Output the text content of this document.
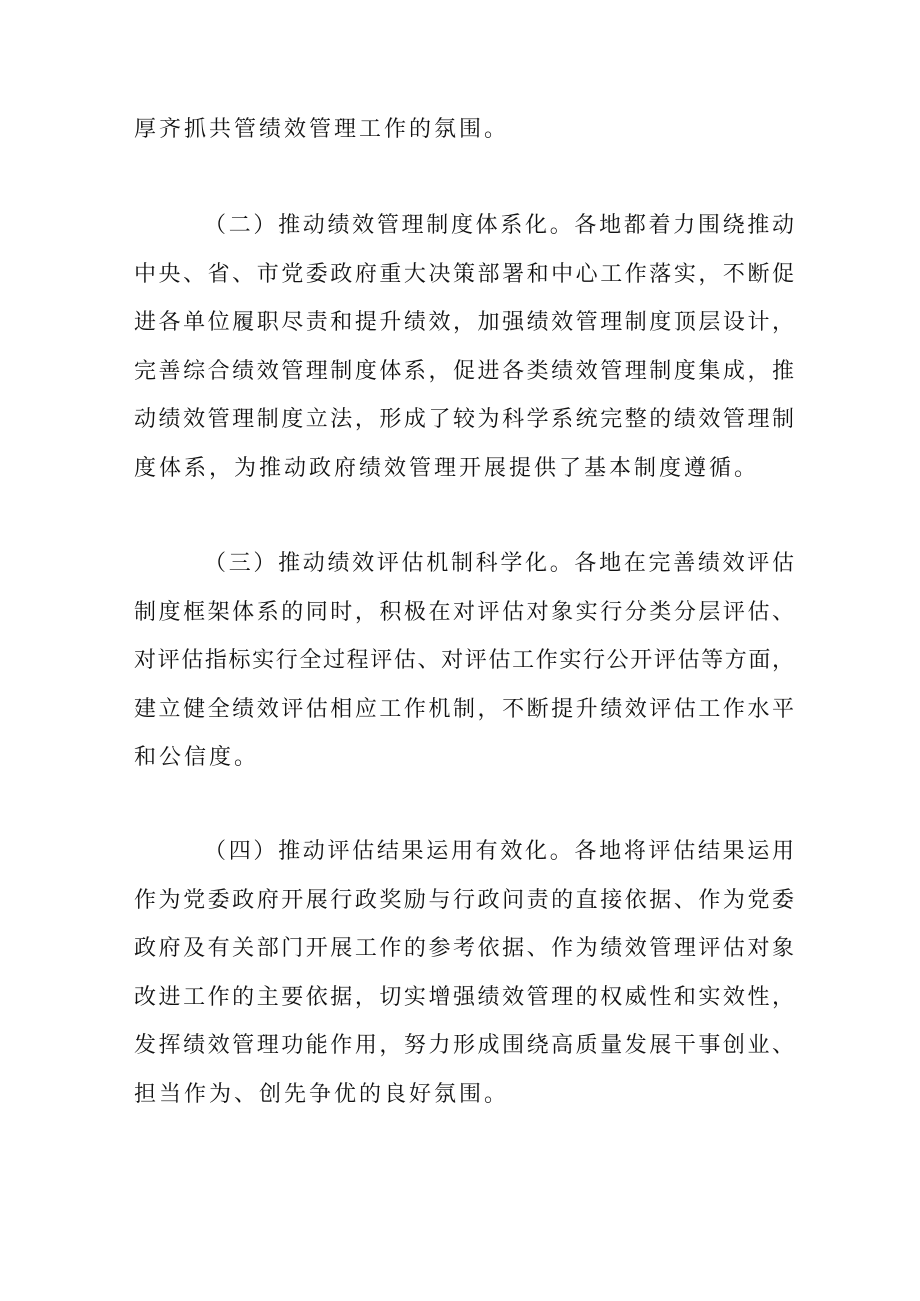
厚齐抓共管绩效管理工作的氛围。
（二）推动绩效管理制度体系化。各地都着力围绕推动
中央、省、市党委政府重大决策部署和中心工作落实，不断促
进各单位履职尽责和提升绩效，加强绩效管理制度顶层设计，
完善综合绩效管理制度体系，促进各类绩效管理制度集成，推
动绩效管理制度立法，形成了较为科学系统完整的绩效管理制
度体系，为推动政府绩效管理开展提供了基本制度遵循。
（三）推动绩效评估机制科学化。各地在完善绩效评估
制度框架体系的同时，积极在对评估对象实行分类分层评估、
对评估指标实行全过程评估、对评估工作实行公开评估等方面，
建立健全绩效评估相应工作机制，不断提升绩效评估工作水平
和公信度。
（四）推动评估结果运用有效化。各地将评估结果运用
作为党委政府开展行政奖励与行政问责的直接依据、作为党委
政府及有关部门开展工作的参考依据、作为绩效管理评估对象
改进工作的主要依据，切实增强绩效管理的权威性和实效性，
发挥绩效管理功能作用，努力形成围绕高质量发展干事创业、
担当作为、创先争优的良好氛围。
